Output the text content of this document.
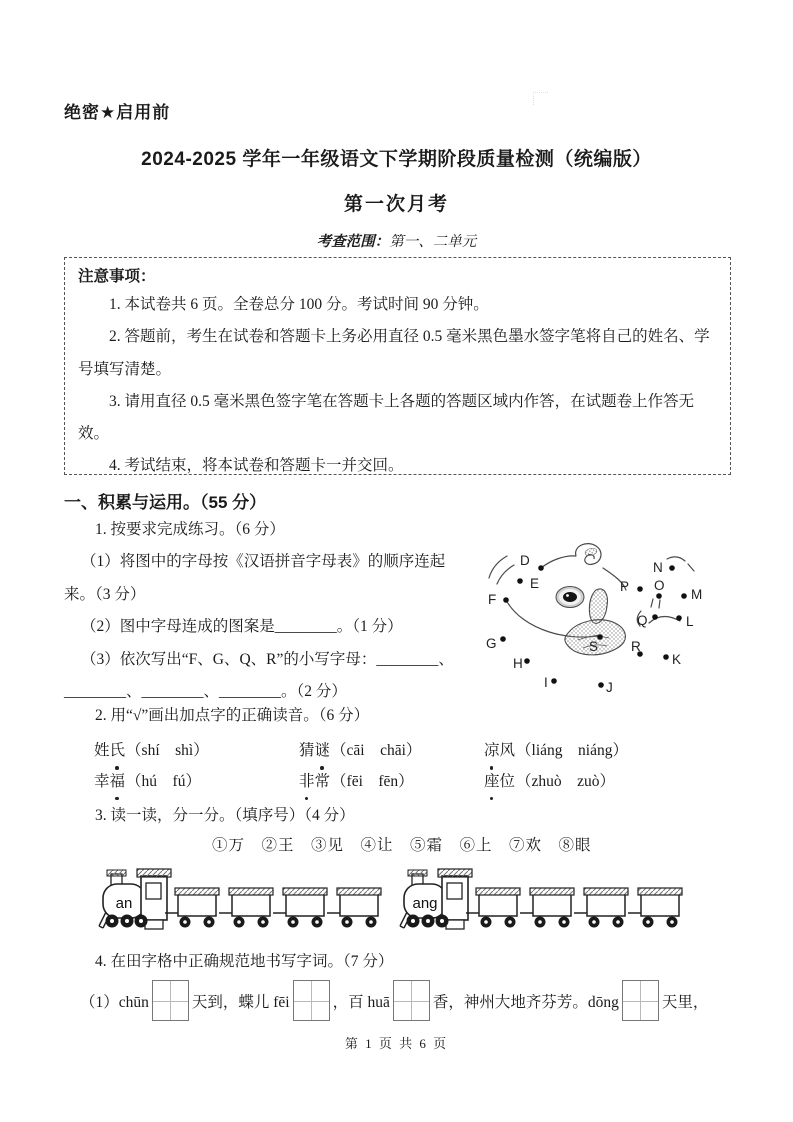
绝密★启用前
2024-2025 学年一年级语文下学期阶段质量检测（统编版）
第一次月考
考查范围：第一、二单元
注意事项：

1. 本试卷共 6 页。全卷总分 100 分。考试时间 90 分钟。

2. 答题前，考生在试卷和答题卡上务必用直径 0.5 毫米黑色墨水签字笔将自己的姓名、学号填写清楚。

3. 请用直径 0.5 毫米黑色签字笔在答题卡上各题的答题区域内作答，在试题卷上作答无效。

4. 考试结束，将本试卷和答题卡一并交回。

一、积累与运用。（55 分）
1. 按要求完成练习。（6 分）
（1）将图中的字母按《汉语拼音字母表》的顺序连起
来。（3 分）
（2）图中字母连成的图案是________。（1 分）
（3）依次写出“F、G、Q、R”的小写字母：________、
________、________、________。（2 分）
D
E
F
G
H
I	J
K
L
M
N
O
P
Q
R
S
2. 用“√”画出加点字的正确读音。（6 分）
姓氏（shí　shì）	猜谜（cāi　chāi）	凉风（liáng　niáng）
幸福（hú　fú）	非常（fēi　fēn）	座位（zhuò　zuò）
3. 读一读，分一分。（填序号）（4 分）
①万　②王　③见　④让　⑤霜　⑥上　⑦欢　⑧眼
an	ang
4. 在田字格中正确规范地书写字词。（7 分）
（1）chūn	天到，蝶儿 fēi	，百 huā	香，神州大地齐芬芳。dōng	天里，
第 1 页 共 6 页
